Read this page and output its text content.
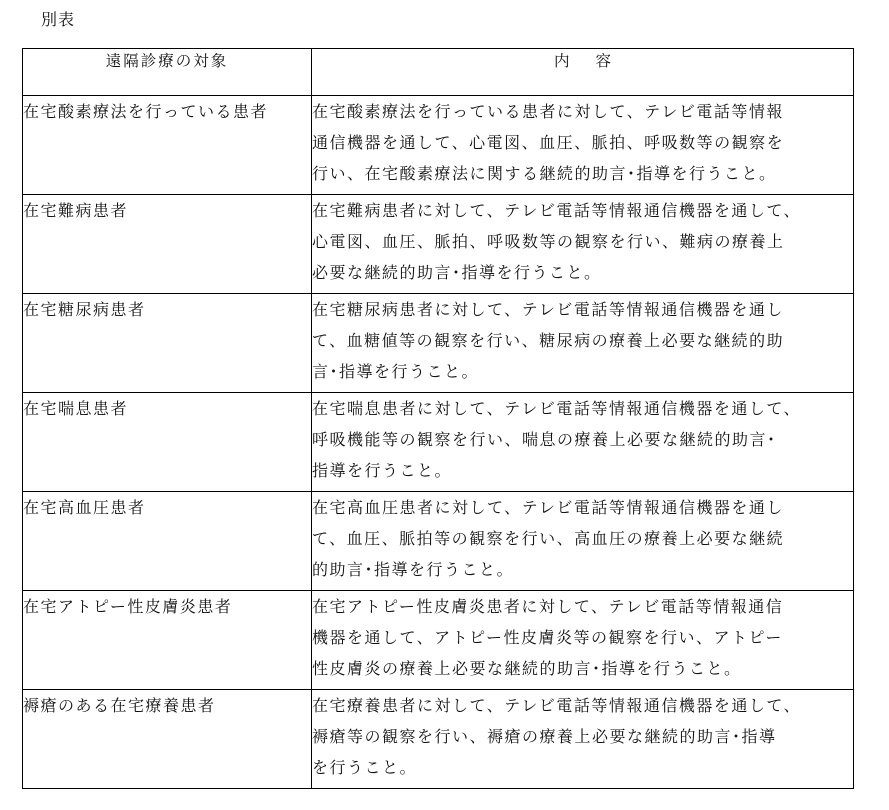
別表
遠隔診療の対象	内容
在宅酸素療法を行っている患者	在宅酸素療法を行っている患者に対して、テレビ電話等情報
通信機器を通して、心電図、血圧、脈拍、呼吸数等の観察を
行い、在宅酸素療法に関する継続的助言･指導を行うこと。

在宅難病患者	在宅難病患者に対して、テレビ電話等情報通信機器を通して、
心電図、血圧、脈拍、呼吸数等の観察を行い、難病の療養上
必要な継続的助言･指導を行うこと。

在宅糖尿病患者	在宅糖尿病患者に対して、テレビ電話等情報通信機器を通し
て、血糖値等の観察を行い、糖尿病の療養上必要な継続的助
言･指導を行うこと。

在宅喘息患者	在宅喘息患者に対して、テレビ電話等情報通信機器を通して、
呼吸機能等の観察を行い、喘息の療養上必要な継続的助言･
指導を行うこと。

在宅高血圧患者	在宅高血圧患者に対して、テレビ電話等情報通信機器を通し
て、血圧、脈拍等の観察を行い、高血圧の療養上必要な継続
的助言･指導を行うこと。

在宅アトピー性皮膚炎患者	在宅アトピー性皮膚炎患者に対して、テレビ電話等情報通信
機器を通して、アトピー性皮膚炎等の観察を行い、アトピー
性皮膚炎の療養上必要な継続的助言･指導を行うこと。

褥瘡のある在宅療養患者	在宅療養患者に対して、テレビ電話等情報通信機器を通して、
褥瘡等の観察を行い、褥瘡の療養上必要な継続的助言･指導
を行うこと。
